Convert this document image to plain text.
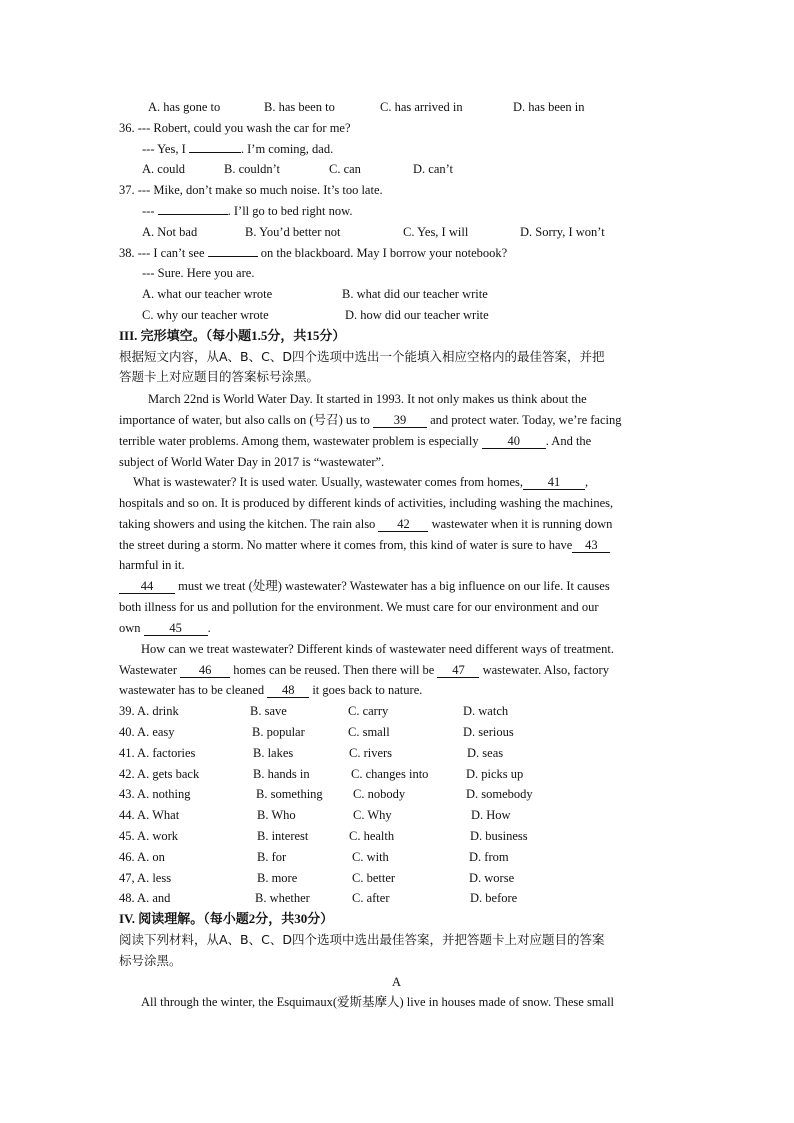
A. has gone to	B. has been to	C. has arrived in	D. has been in
36. --- Robert, could you wash the car for me?
--- Yes, I	. I’m coming, dad.
A. could	B. couldn’t	C. can	D. can’t
37. --- Mike, don’t make so much noise. It’s too late.
---	. I’ll go to bed right now.
A. Not bad	B. You’d better not	C. Yes, I will	D. Sorry, I won’t
38. --- I can’t see	on the blackboard. May I borrow your notebook?
--- Sure. Here you are.
A. what our teacher wrote	B. what did our teacher write
C. why our teacher wrote	D. how did our teacher write
III. 完形填空。（每小题1.5分，共15分）
根据短文内容，从A、B、C、D四个选项中选出一个能填入相应空格内的最佳答案，并把
答题卡上对应题目的答案标号涂黑。
March 22nd is World Water Day. It started in 1993. It not only makes us think about the
importance of water, but also calls on (号召) us to 39 and protect water. Today, we’re facing
terrible water problems. Among them, wastewater problem is especially 40 . And the
subject of World Water Day in 2017 is “wastewater”.
What is wastewater? It is used water. Usually, wastewater comes from homes, 41 ,
hospitals and so on. It is produced by different kinds of activities, including washing the machines,
taking showers and using the kitchen. The rain also 42 wastewater when it is running down
the street during a storm. No matter where it comes from, this kind of water is sure to have 43
harmful in it.
44 must we treat (处理) wastewater? Wastewater has a big influence on our life. It causes
both illness for us and pollution for the environment. We must care for our environment and our
own 45 .
How can we treat wastewater? Different kinds of wastewater need different ways of treatment.
Wastewater 46 homes can be reused. Then there will be 47 wastewater. Also, factory
wastewater has to be cleaned 48 it goes back to nature.
39. A. drink	B. save	C. carry	D. watch
40. A. easy	B. popular	C. small	D. serious
41. A. factories	B. lakes	C. rivers	D. seas
42. A. gets back	B. hands in	C. changes into	D. picks up
43. A. nothing	B. something C. nobody	D. somebody
44. A. What	B. Who	C. Why	D. How
45. A. work	B. interest	C. health	D. business
46. A. on	B. for	C. with	D. from
47, A. less	B. more	C. better	D. worse
48. A. and	B. whether	C. after	D. before
IV. 阅读理解。（每小题2分，共30分）
阅读下列材料，从A、B、C、D四个选项中选出最佳答案，并把答题卡上对应题目的答案
标号涂黑。
A
All through the winter, the Esquimaux(爱斯基摩人) live in houses made of snow. These small
